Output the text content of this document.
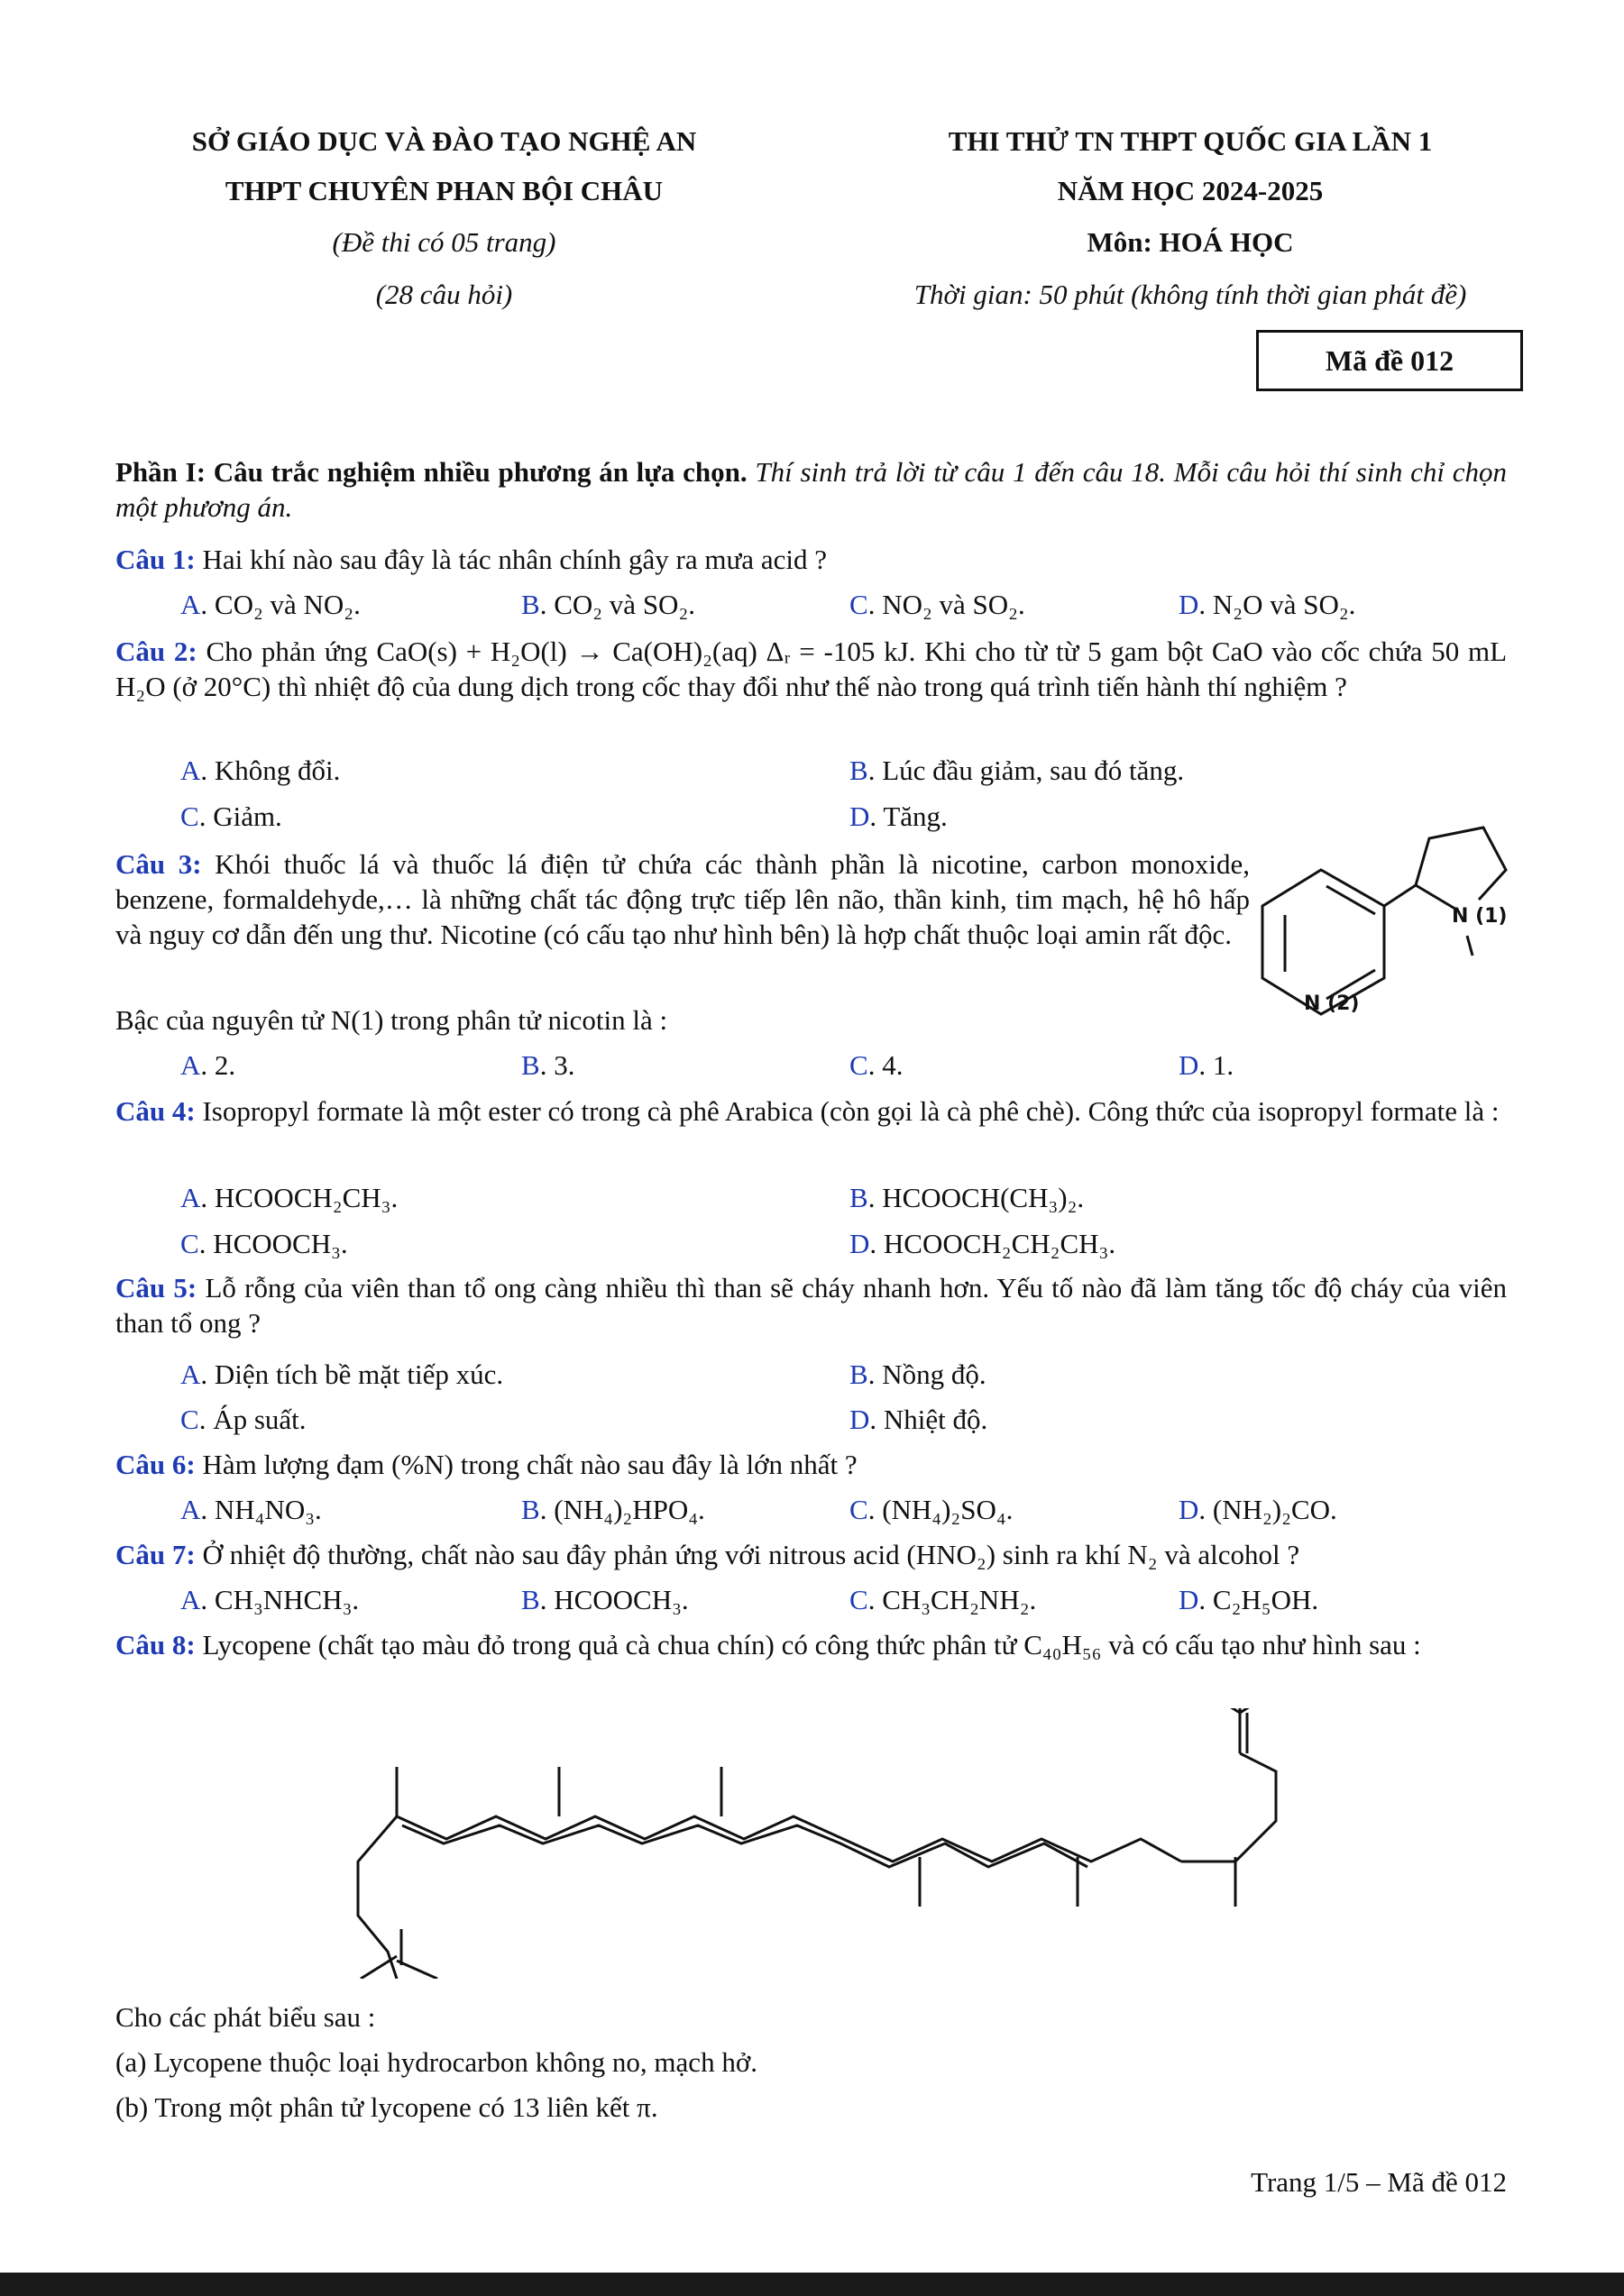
SỞ GIÁO DỤC VÀ ĐÀO TẠO NGHỆ AN
THPT CHUYÊN PHAN BỘI CHÂU
(Đề thi có 05 trang)
(28 câu hỏi)
THI THỬ TN THPT QUỐC GIA LẦN 1
NĂM HỌC 2024-2025
Môn: HOÁ HỌC
Thời gian: 50 phút (không tính thời gian phát đề)
Mã đề 012
Phần I: Câu trắc nghiệm nhiều phương án lựa chọn. Thí sinh trả lời từ câu 1 đến câu 18. Mỗi câu hỏi thí sinh chỉ chọn một phương án.
Câu 1: Hai khí nào sau đây là tác nhân chính gây ra mưa acid ?
A. CO₂ và NO₂.	B. CO₂ và SO₂.	C. NO₂ và SO₂.	D. N₂O và SO₂.
Câu 2: Cho phản ứng CaO(s) + H₂O(l) → Ca(OH)₂(aq) Δᵣ = -105 kJ. Khi cho từ từ 5 gam bột CaO vào cốc chứa 50 mL H₂O (ở 20°C) thì nhiệt độ của dung dịch trong cốc thay đổi như thế nào trong quá trình tiến hành thí nghiệm ?
A. Không đổi.	B. Lúc đầu giảm, sau đó tăng.
C. Giảm.	D. Tăng.
Câu 3: Khói thuốc lá và thuốc lá điện tử chứa các thành phần là nicotine, carbon monoxide, benzene, formaldehyde,… là những chất tác động trực tiếp lên não, thần kinh, tim mạch, hệ hô hấp và nguy cơ dẫn đến ung thư. Nicotine (có cấu tạo như hình bên) là hợp chất thuộc loại amin rất độc.
Bậc của nguyên tử N(1) trong phân tử nicotin là :
N (1)
N (2)
A. 2.	B. 3.	C. 4.	D. 1.
Câu 4: Isopropyl formate là một ester có trong cà phê Arabica (còn gọi là cà phê chè). Công thức của isopropyl formate là :
A. HCOOCH₂CH₃.	B. HCOOCH(CH₃)₂.
C. HCOOCH₃.	D. HCOOCH₂CH₂CH₃.
Câu 5: Lỗ rỗng của viên than tổ ong càng nhiều thì than sẽ cháy nhanh hơn. Yếu tố nào đã làm tăng tốc độ cháy của viên than tổ ong ?
A. Diện tích bề mặt tiếp xúc.	B. Nồng độ.
C. Áp suất.	D. Nhiệt độ.
Câu 6: Hàm lượng đạm (%N) trong chất nào sau đây là lớn nhất ?
A. NH₄NO₃.	B. (NH₄)₂HPO₄.	C. (NH₄)₂SO₄.	D. (NH₂)₂CO.
Câu 7: Ở nhiệt độ thường, chất nào sau đây phản ứng với nitrous acid (HNO₂) sinh ra khí N₂ và alcohol ?
A. CH₃NHCH₃.	B. HCOOCH₃.	C. CH₃CH₂NH₂.	D. C₂H₅OH.
Câu 8: Lycopene (chất tạo màu đỏ trong quả cà chua chín) có công thức phân tử C₄₀H₅₆ và có cấu tạo như hình sau :
Cho các phát biểu sau :
(a) Lycopene thuộc loại hydrocarbon không no, mạch hở.
(b) Trong một phân tử lycopene có 13 liên kết π.
Trang 1/5 – Mã đề 012
